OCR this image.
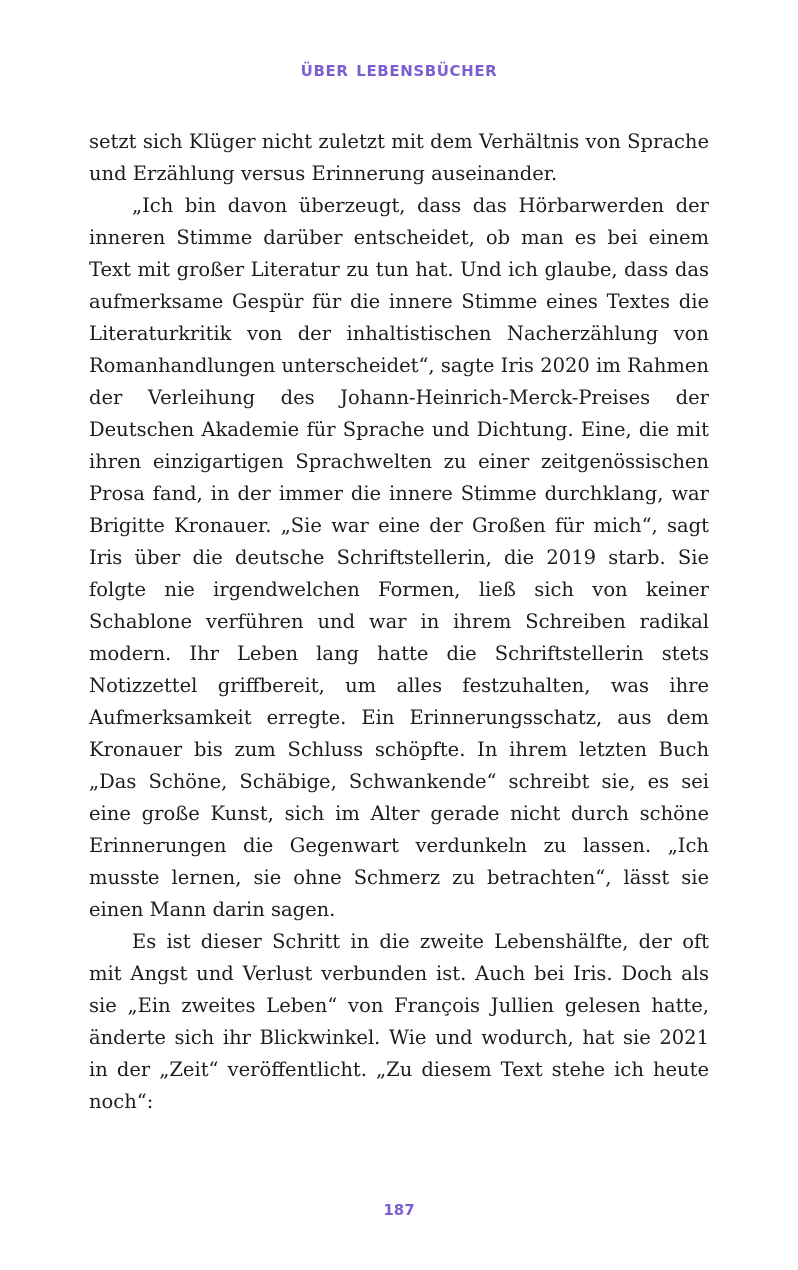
ÜBER LEBENSBÜCHER

setzt sich Klüger nicht zuletzt mit dem Verhältnis von Sprache und Erzählung versus Erinnerung auseinander.

„Ich bin davon überzeugt, dass das Hörbarwerden der inneren Stimme darüber entscheidet, ob man es bei einem Text mit großer Literatur zu tun hat. Und ich glaube, dass das aufmerksame Gespür für die innere Stimme eines Textes die Literaturkritik von der inhaltistischen Nacherzählung von Romanhandlungen unterscheidet“, sagte Iris 2020 im Rahmen der Verleihung des Johann-Heinrich-Merck-Preises der Deutschen Akademie für Sprache und Dichtung. Eine, die mit ihren einzigartigen Sprachwelten zu einer zeitgenössischen Prosa fand, in der immer die innere Stimme durchklang, war Brigitte Kronauer. „Sie war eine der Großen für mich“, sagt Iris über die deutsche Schriftstellerin, die 2019 starb. Sie folgte nie irgendwelchen Formen, ließ sich von keiner Schablone verführen und war in ihrem Schreiben radikal modern. Ihr Leben lang hatte die Schriftstellerin stets Notizzettel griffbereit, um alles festzuhalten, was ihre Aufmerksamkeit erregte. Ein Erinnerungsschatz, aus dem Kronauer bis zum Schluss schöpfte. In ihrem letzten Buch „Das Schöne, Schäbige, Schwankende“ schreibt sie, es sei eine große Kunst, sich im Alter gerade nicht durch schöne Erinnerungen die Gegenwart verdunkeln zu lassen. „Ich musste lernen, sie ohne Schmerz zu betrachten“, lässt sie einen Mann darin sagen.

Es ist dieser Schritt in die zweite Lebenshälfte, der oft mit Angst und Verlust verbunden ist. Auch bei Iris. Doch als sie „Ein zweites Leben“ von François Jullien gelesen hatte, änderte sich ihr Blickwinkel. Wie und wodurch, hat sie 2021 in der „Zeit“ veröffentlicht. „Zu diesem Text stehe ich heute noch“:

187
